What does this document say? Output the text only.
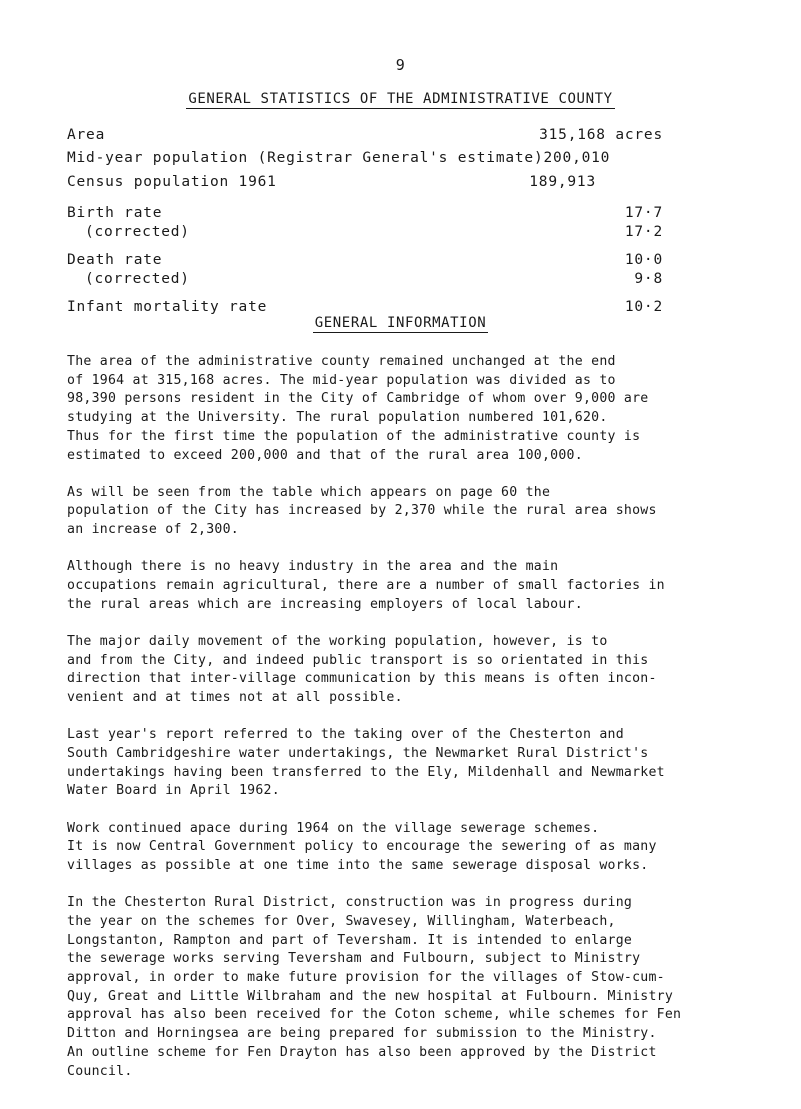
9
GENERAL STATISTICS OF THE ADMINISTRATIVE COUNTY
Area	315,168 acres
Mid-year population (Registrar General's estimate) 200,010
Census population 1961	189,913
Birth rate	17·7
(corrected)	17·2
Death rate	10·0
(corrected)	9·8
Infant mortality rate	10·2
GENERAL INFORMATION

The area of the administrative county remained unchanged at the end
of 1964 at 315,168 acres. The mid-year population was divided as to
98,390 persons resident in the City of Cambridge of whom over 9,000 are
studying at the University. The rural population numbered 101,620.
Thus for the first time the population of the administrative county is
estimated to exceed 200,000 and that of the rural area 100,000.

As will be seen from the table which appears on page 60 the
population of the City has increased by 2,370 while the rural area shows
an increase of 2,300.

Although there is no heavy industry in the area and the main
occupations remain agricultural, there are a number of small factories in
the rural areas which are increasing employers of local labour.

The major daily movement of the working population, however, is to
and from the City, and indeed public transport is so orientated in this
direction that inter-village communication by this means is often incon-
venient and at times not at all possible.

Last year's report referred to the taking over of the Chesterton and
South Cambridgeshire water undertakings, the Newmarket Rural District's
undertakings having been transferred to the Ely, Mildenhall and Newmarket
Water Board in April 1962.

Work continued apace during 1964 on the village sewerage schemes.
It is now Central Government policy to encourage the sewering of as many
villages as possible at one time into the same sewerage disposal works.

In the Chesterton Rural District, construction was in progress during
the year on the schemes for Over, Swavesey, Willingham, Waterbeach,
Longstanton, Rampton and part of Teversham. It is intended to enlarge
the sewerage works serving Teversham and Fulbourn, subject to Ministry
approval, in order to make future provision for the villages of Stow-cum-
Quy, Great and Little Wilbraham and the new hospital at Fulbourn. Ministry
approval has also been received for the Coton scheme, while schemes for Fen
Ditton and Horningsea are being prepared for submission to the Ministry.
An outline scheme for Fen Drayton has also been approved by the District
Council.
